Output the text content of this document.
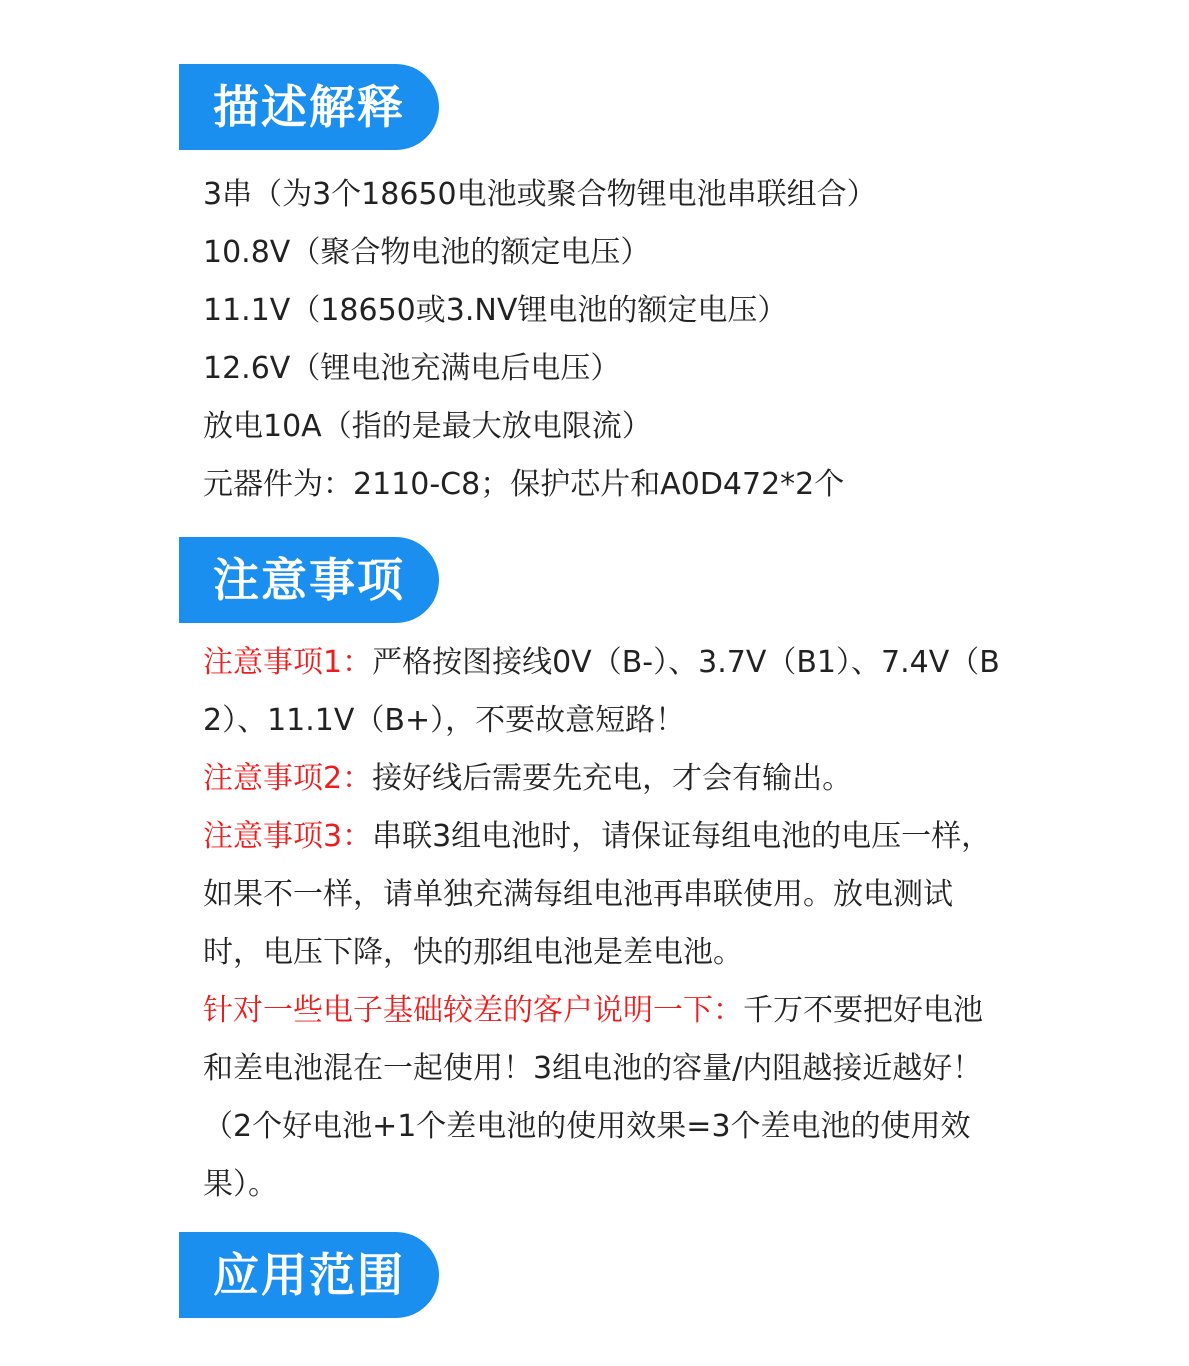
描述解释
3串（为3个18650电池或聚合物锂电池串联组合）
10.8V（聚合物电池的额定电压）
11.1V（18650或3.NV锂电池的额定电压）
12.6V（锂电池充满电后电压）
放电10A（指的是最大放电限流）
元器件为：2110-C8；保护芯片和A0D472*2个
注意事项
注意事项1：严格按图接线0V（B-）、3.7V（B1）、7.4V（B2）、11.1V（B+），不要故意短路！
注意事项2：接好线后需要先充电，才会有输出。
注意事项3：串联3组电池时，请保证每组电池的电压一样，如果不一样，请单独充满每组电池再串联使用。放电测试时，电压下降，快的那组电池是差电池。
针对一些电子基础较差的客户说明一下：千万不要把好电池和差电池混在一起使用！3组电池的容量/内阻越接近越好！（2个好电池+1个差电池的使用效果=3个差电池的使用效果）。
应用范围
